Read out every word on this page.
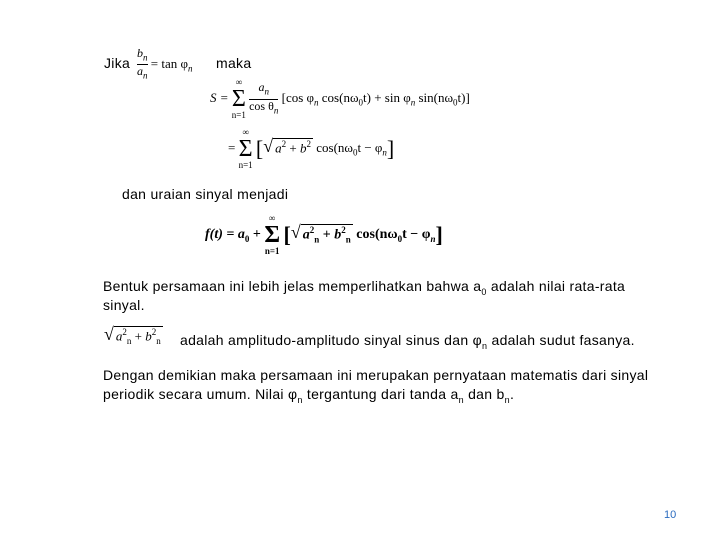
Jika $\frac{b_n}{a_n} = \tan \varphi_n$ maka
S =
∞
Σ
n=1
$\frac{a_n}{\cos \theta_n} [\cos$ $\varphi_n$ $\cos(n\omega_0t) + \sin \varphi_n$ $\sin(n\omega_0t)$]
=
∞
Σ
n=1
[√ $a^2 + b^2$ $\cos(n\omega_0t - \varphi_n]$
dan uraian sinyal menjadi
$f(t) = a_0$ +
∞
Σ
n=1
[√ $a^2_n + b^2_n$ $\cos(n\omega_0t - \varphi_n]$
Bentuk persamaan ini lebih jelas memperlihatkan bahwa $a_0$ adalah nilai rata-rata
sinyal.
√ $a^2_n + b^2_n$ adalah amplitudo-amplitudo sinyal sinus dan $\varphi_n$ adalah sudut fasanya.
Dengan demikian maka persamaan ini merupakan pernyataan matematis dari sinyal
periodik secara umum. Nilai $\varphi_n$ tergantung dari tanda $a_n$ dan $b_n$.
10
